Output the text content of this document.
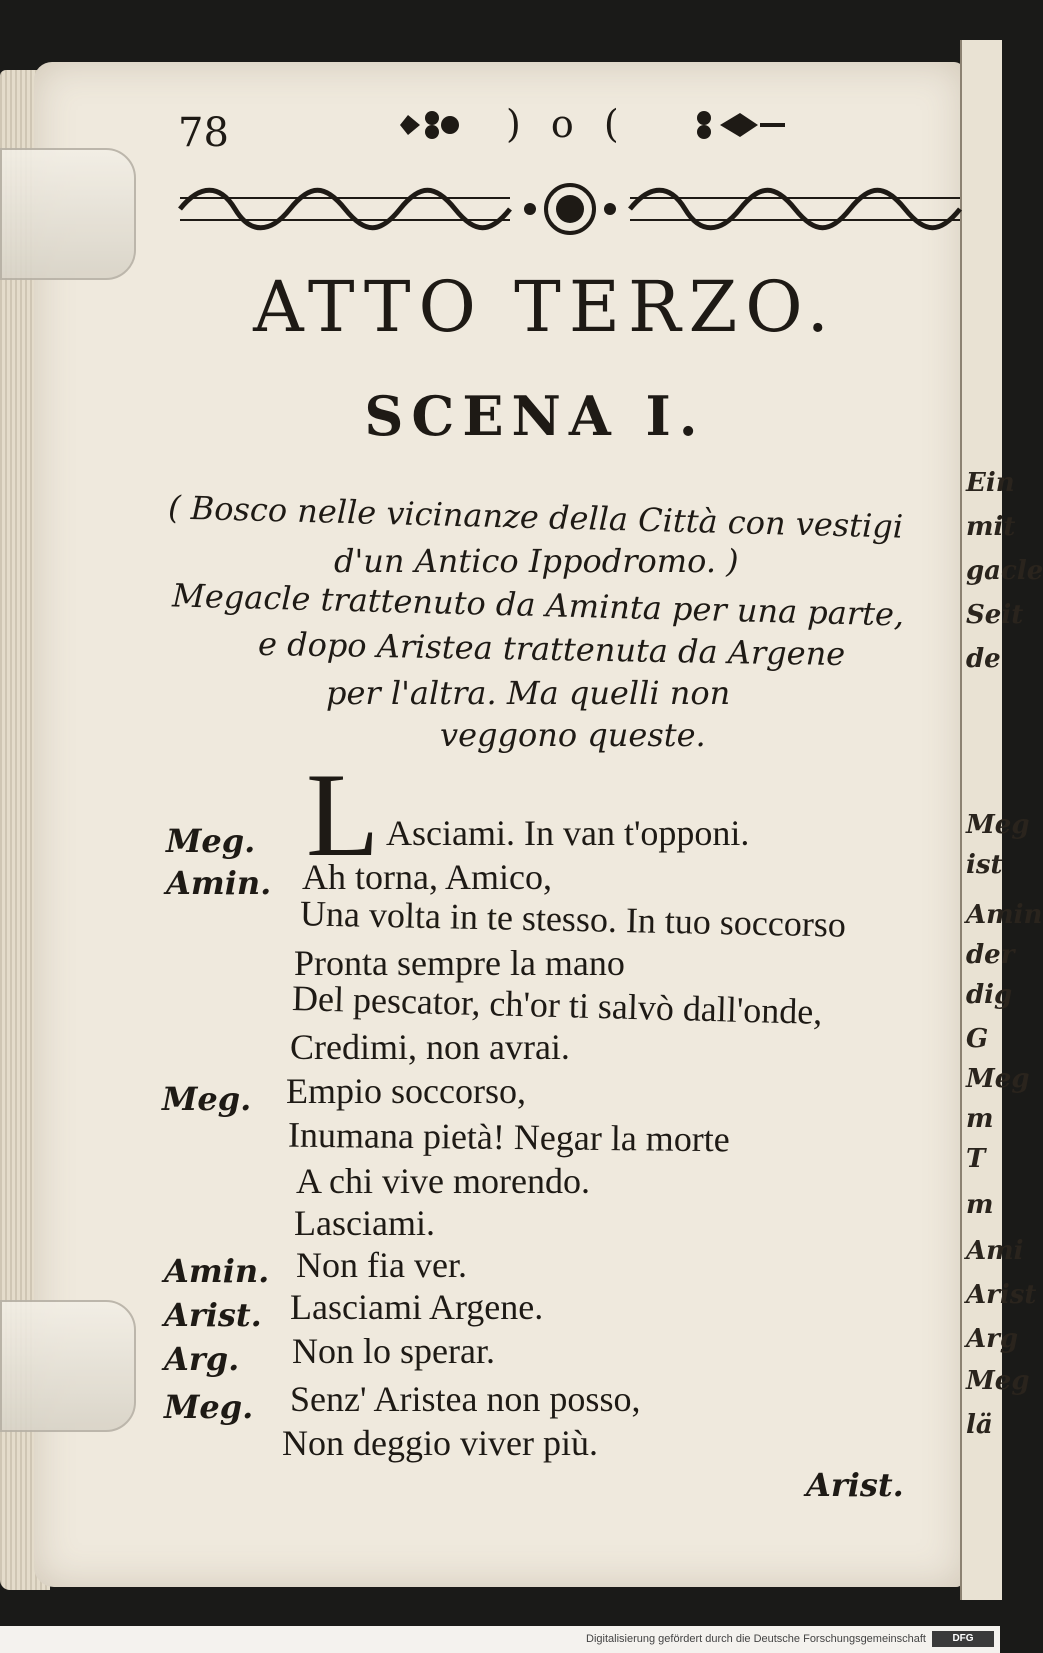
Ein
mit
gacle
Seit
de
Meg
ist
Amin
der
dig
G
Meg
m
T
m
Ami
Arist
Arg
Meg
lä
78	) o (
ATTO TERZO.
SCENA I.
( Bosco nelle vicinanze della Città con vestigi
d'un Antico Ippodromo. )
Megacle trattenuto da Aminta per una parte,
e dopo Aristea trattenuta da Argene
per l'altra. Ma quelli non
veggono queste.
L
Meg.	Asciami. In van t'opponi.
Amin. Ah torna, Amico,
Una volta in te stesso. In tuo soccorso
Pronta sempre la mano
Del pescator, ch'or ti salvò dall'onde,
Credimi, non avrai.
Meg. Empio soccorso,
Inumana pietà! Negar la morte
A chi vive morendo.
Lasciami.
Amin. Non fia ver.
Arist. Lasciami Argene.
Arg. Non lo sperar.
Meg. Senz' Aristea non posso,
Non deggio viver più.
Arist.
Digitalisierung gefördert durch die Deutsche Forschungsgemeinschaft	DFG
